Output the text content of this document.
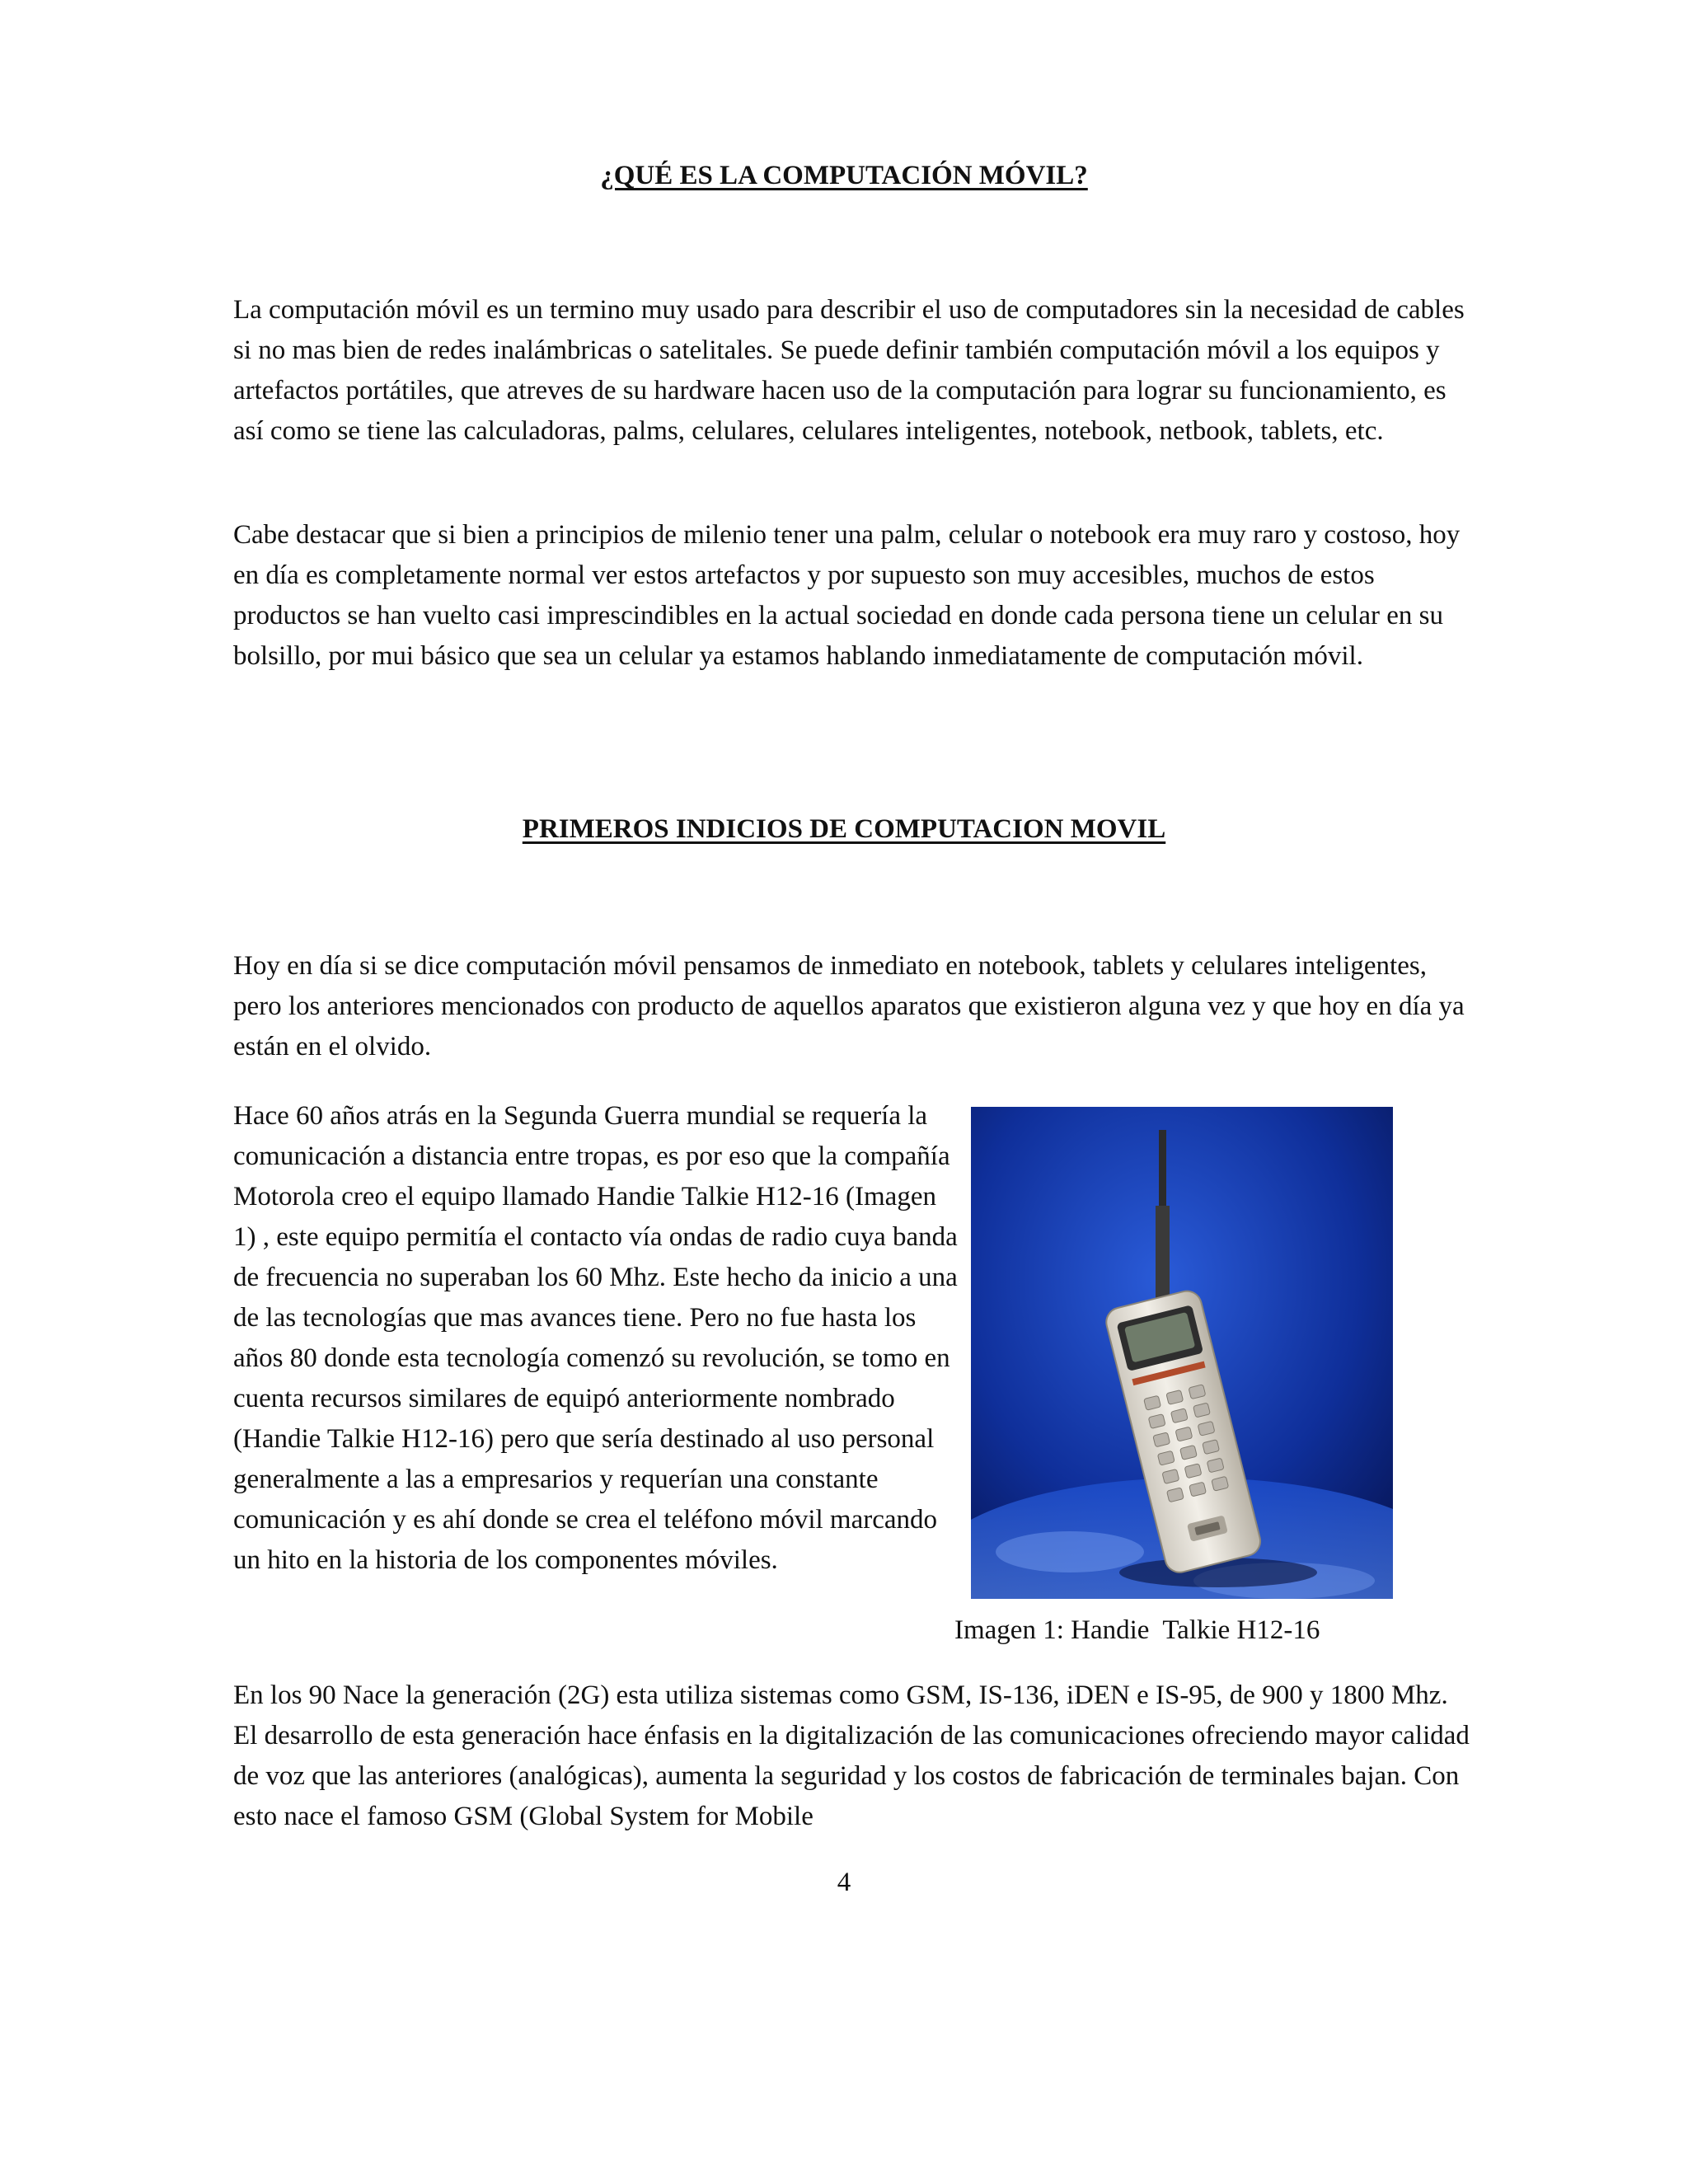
¿QUÉ ES LA COMPUTACIÓN MÓVIL?

La computación móvil es un termino muy usado para describir el uso de computadores sin la necesidad de cables si no mas bien de redes inalámbricas o satelitales. Se puede definir también computación móvil a los equipos y artefactos portátiles, que atreves de su hardware hacen uso de la computación para lograr su funcionamiento, es así como se tiene las calculadoras, palms, celulares, celulares inteligentes, notebook, netbook, tablets, etc.

Cabe destacar que si bien a principios de milenio tener una palm, celular o notebook era muy raro y costoso, hoy en día es completamente normal ver estos artefactos y por supuesto son muy accesibles, muchos de estos productos se han vuelto casi imprescindibles en la actual sociedad en donde cada persona tiene un celular en su bolsillo, por mui básico que sea un celular ya estamos hablando inmediatamente de computación móvil.

PRIMEROS INDICIOS DE COMPUTACION MOVIL

Hoy en día si se dice computación móvil pensamos de inmediato en notebook, tablets y celulares inteligentes, pero los anteriores mencionados con producto de aquellos aparatos que existieron alguna vez y que hoy en día ya están en el olvido.

Hace 60 años atrás en la Segunda Guerra mundial se requería la comunicación a distancia entre tropas, es por eso que la compañía Motorola creo el equipo llamado Handie Talkie H12-16 (Imagen 1) , este equipo permitía el contacto vía ondas de radio cuya banda de frecuencia no superaban los 60 Mhz. Este hecho da inicio a una de las tecnologías que mas avances tiene. Pero no fue hasta los años 80 donde esta tecnología comenzó su revolución, se tomo en cuenta recursos similares de equipó anteriormente nombrado (Handie Talkie H12-16) pero que sería destinado al uso personal generalmente a las a empresarios y requerían una constante comunicación y es ahí donde se crea el teléfono móvil marcando un hito en la historia de los componentes móviles.

Imagen 1: Handie  Talkie H12-16

En los 90 Nace la generación (2G) esta utiliza sistemas como GSM, IS-136, iDEN e IS-95, de 900 y 1800 Mhz. El desarrollo de esta generación hace énfasis en la digitalización de las comunicaciones ofreciendo mayor calidad de voz que las anteriores (analógicas), aumenta la seguridad y los costos de fabricación de terminales bajan. Con esto nace el famoso GSM (Global System for Mobile

4
